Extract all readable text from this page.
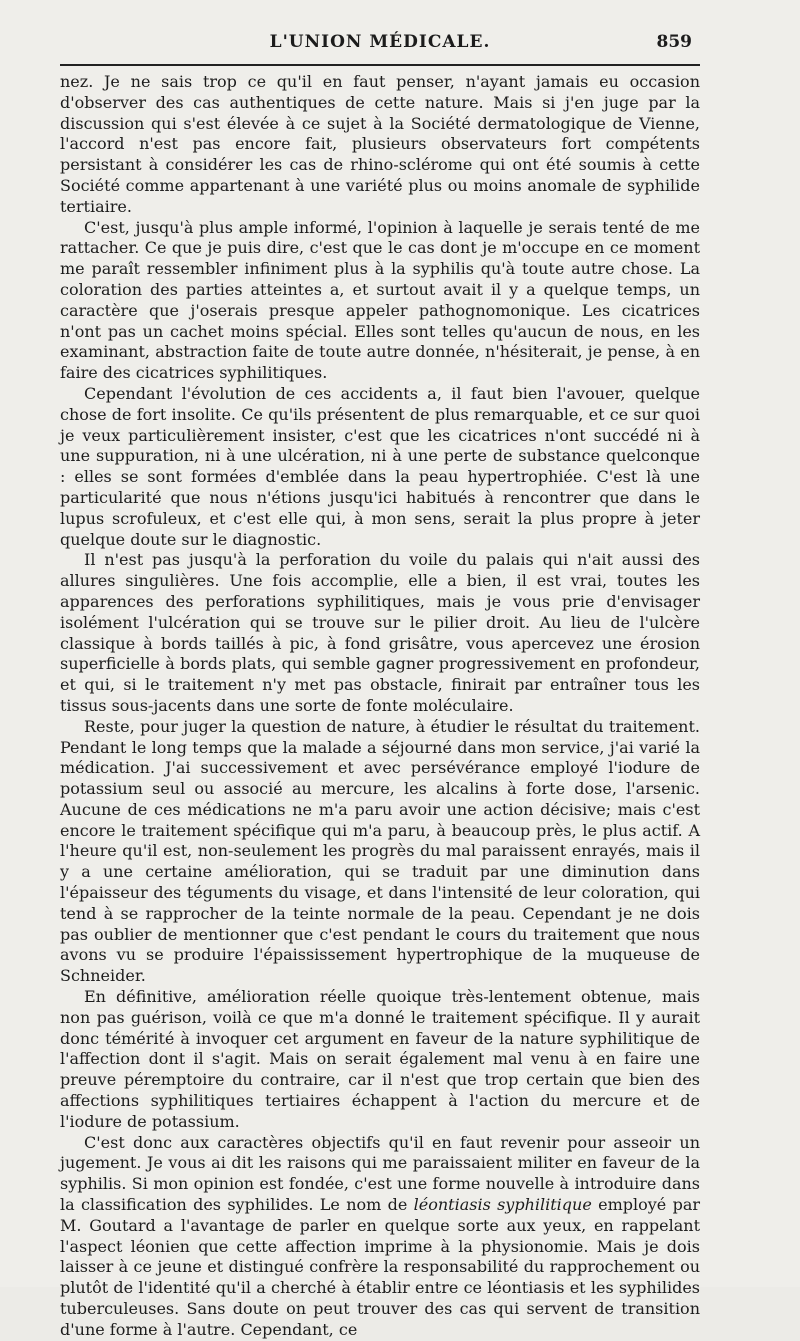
L'UNION MÉDICALE.	859

nez. Je ne sais trop ce qu'il en faut penser, n'ayant jamais eu occasion d'observer des cas authentiques de cette nature. Mais si j'en juge par la discussion qui s'est élevée à ce sujet à la Société dermatologique de Vienne, l'accord n'est pas encore fait, plusieurs observateurs fort compétents persistant à considérer les cas de rhino-sclérome qui ont été soumis à cette Société comme appartenant à une variété plus ou moins anomale de syphilide tertiaire.

C'est, jusqu'à plus ample informé, l'opinion à laquelle je serais tenté de me rattacher. Ce que je puis dire, c'est que le cas dont je m'occupe en ce moment me paraît ressembler infiniment plus à la syphilis qu'à toute autre chose. La coloration des parties atteintes a, et surtout avait il y a quelque temps, un caractère que j'oserais presque appeler pathognomonique. Les cicatrices n'ont pas un cachet moins spécial. Elles sont telles qu'aucun de nous, en les examinant, abstraction faite de toute autre donnée, n'hésiterait, je pense, à en faire des cicatrices syphilitiques.

Cependant l'évolution de ces accidents a, il faut bien l'avouer, quelque chose de fort insolite. Ce qu'ils présentent de plus remarquable, et ce sur quoi je veux particulièrement insister, c'est que les cicatrices n'ont succédé ni à une suppuration, ni à une ulcération, ni à une perte de substance quelconque : elles se sont formées d'emblée dans la peau hypertrophiée. C'est là une particularité que nous n'étions jusqu'ici habitués à rencontrer que dans le lupus scrofuleux, et c'est elle qui, à mon sens, serait la plus propre à jeter quelque doute sur le diagnostic.

Il n'est pas jusqu'à la perforation du voile du palais qui n'ait aussi des allures singulières. Une fois accomplie, elle a bien, il est vrai, toutes les apparences des perforations syphilitiques, mais je vous prie d'envisager isolément l'ulcération qui se trouve sur le pilier droit. Au lieu de l'ulcère classique à bords taillés à pic, à fond grisâtre, vous apercevez une érosion superficielle à bords plats, qui semble gagner progressivement en profondeur, et qui, si le traitement n'y met pas obstacle, finirait par entraîner tous les tissus sous-jacents dans une sorte de fonte moléculaire.

Reste, pour juger la question de nature, à étudier le résultat du traitement. Pendant le long temps que la malade a séjourné dans mon service, j'ai varié la médication. J'ai successivement et avec persévérance employé l'iodure de potassium seul ou associé au mercure, les alcalins à forte dose, l'arsenic. Aucune de ces médications ne m'a paru avoir une action décisive; mais c'est encore le traitement spécifique qui m'a paru, à beaucoup près, le plus actif. A l'heure qu'il est, non-seulement les progrès du mal paraissent enrayés, mais il y a une certaine amélioration, qui se traduit par une diminution dans l'épaisseur des téguments du visage, et dans l'intensité de leur coloration, qui tend à se rapprocher de la teinte normale de la peau. Cependant je ne dois pas oublier de mentionner que c'est pendant le cours du traitement que nous avons vu se produire l'épaississement hypertrophique de la muqueuse de Schneider.

En définitive, amélioration réelle quoique très-lentement obtenue, mais non pas guérison, voilà ce que m'a donné le traitement spécifique. Il y aurait donc témérité à invoquer cet argument en faveur de la nature syphilitique de l'affection dont il s'agit. Mais on serait également mal venu à en faire une preuve péremptoire du contraire, car il n'est que trop certain que bien des affections syphilitiques tertiaires échappent à l'action du mercure et de l'iodure de potassium.

C'est donc aux caractères objectifs qu'il en faut revenir pour asseoir un jugement. Je vous ai dit les raisons qui me paraissaient militer en faveur de la syphilis. Si mon opinion est fondée, c'est une forme nouvelle à introduire dans la classification des syphilides. Le nom de léontiasis syphilitique employé par M. Goutard a l'avantage de parler en quelque sorte aux yeux, en rappelant l'aspect léonien que cette affection imprime à la physionomie. Mais je dois laisser à ce jeune et distingué confrère la responsabilité du rapprochement ou plutôt de l'identité qu'il a cherché à établir entre ce léontiasis et les syphilides tuberculeuses. Sans doute on peut trouver des cas qui servent de transition d'une forme à l'autre. Cependant, ce
